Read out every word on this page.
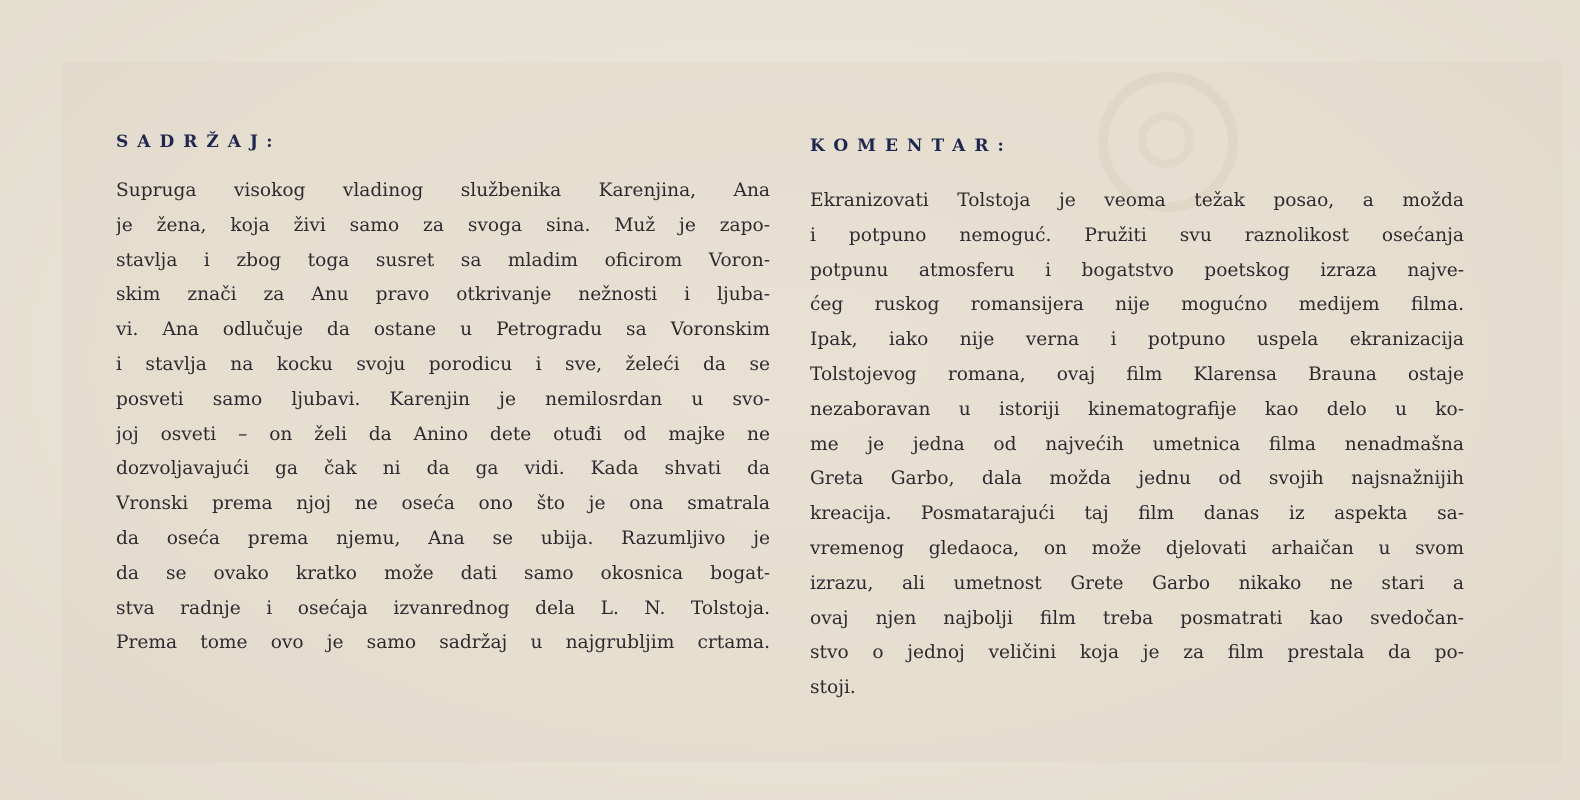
SADRŽAJ:
Supruga visokog vladinog službenika Karenjina, Ana
je žena, koja živi samo za svoga sina. Muž je zapo-
stavlja i zbog toga susret sa mladim oficirom Voron-
skim znači za Anu pravo otkrivanje nežnosti i ljuba-
vi. Ana odlučuje da ostane u Petrogradu sa Voronskim
i stavlja na kocku svoju porodicu i sve, želeći da se
posveti samo ljubavi. Karenjin je nemilosrdan u svo-
joj osveti – on želi da Anino dete otuđi od majke ne
dozvoljavajući ga čak ni da ga vidi. Kada shvati da
Vronski prema njoj ne oseća ono što je ona smatrala
da oseća prema njemu, Ana se ubija. Razumljivo je
da se ovako kratko može dati samo okosnica bogat-
stva radnje i osećaja izvanrednog dela L. N. Tolstoja.
Prema tome ovo je samo sadržaj u najgrubljim crtama.
KOMENTAR:
Ekranizovati Tolstoja je veoma težak posao, a možda
i potpuno nemoguć. Pružiti svu raznolikost osećanja
potpunu atmosferu i bogatstvo poetskog izraza najve-
ćeg ruskog romansijera nije mogućno medijem filma.
Ipak, iako nije verna i potpuno uspela ekranizacija
Tolstojevog romana, ovaj film Klarensa Brauna ostaje
nezaboravan u istoriji kinematografije kao delo u ko-
me je jedna od najvećih umetnica filma nenadmašna
Greta Garbo, dala možda jednu od svojih najsnažnijih
kreacija. Posmatarajući taj film danas iz aspekta sa-
vremenog gledaoca, on može djelovati arhaičan u svom
izrazu, ali umetnost Grete Garbo nikako ne stari a
ovaj njen najbolji film treba posmatrati kao svedočan-
stvo o jednoj veličini koja je za film prestala da po-
stoji.
